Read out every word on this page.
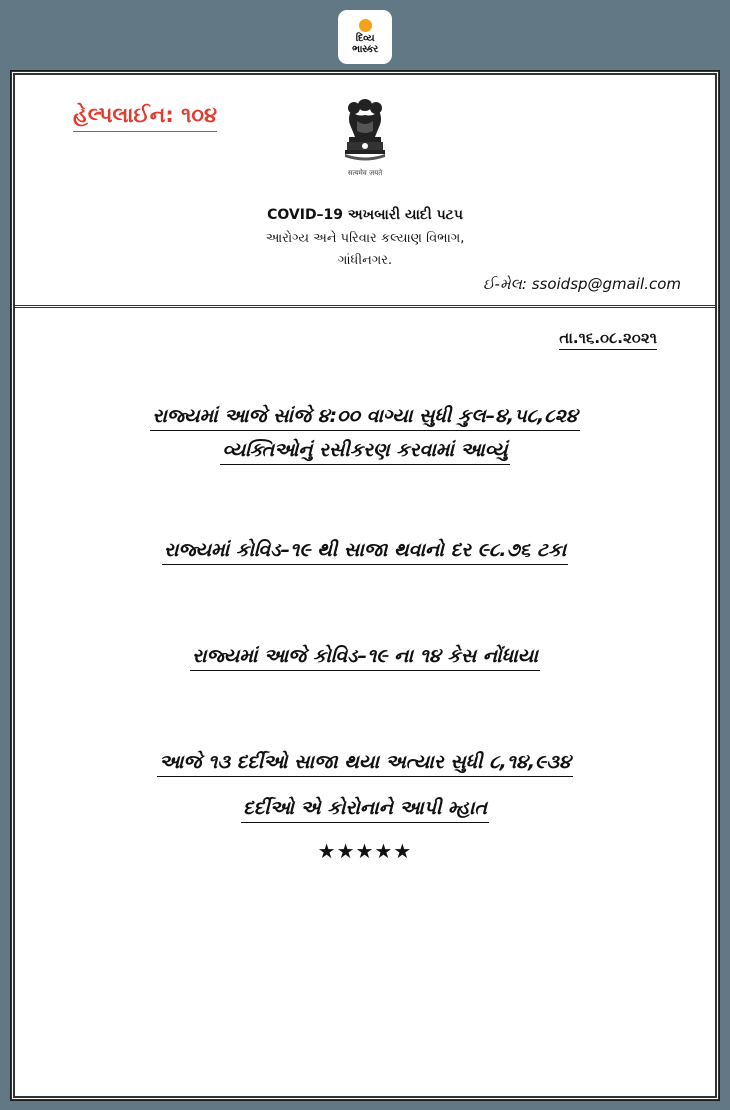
દિવ્ય
ભાસ્કર
હેલ્પલાઈન: ૧૦૪
सत्यमेव जयते
COVID–19 અખબારી યાદી પટપ
આરોગ્ય અને પરિવાર કલ્યાણ વિભાગ,
ગાંધીનગર.
ઈ-મેલ: ssoidsp@gmail.com
તા.૧૬.૦૮.૨૦૨૧
રાજ્યમાં આજે સાંજે ૪:૦૦ વાગ્યા સુધી કુલ–૪,૫૮,૮૨૪
વ્યક્તિઓનું રસીકરણ કરવામાં આવ્યું
રાજ્યમાં કોવિડ–૧૯ થી સાજા થવાનો દર ૯૮.૭૬ ટકા
રાજ્યમાં આજે કોવિડ–૧૯ ના ૧૪ કેસ નોંધાયા
આજે ૧૩ દર્દીઓ સાજા થયા અત્યાર સુધી ૮,૧૪,૯૩૪
દર્દીઓ એ કોરોનાને આપી મ્હાત
★★★★★
